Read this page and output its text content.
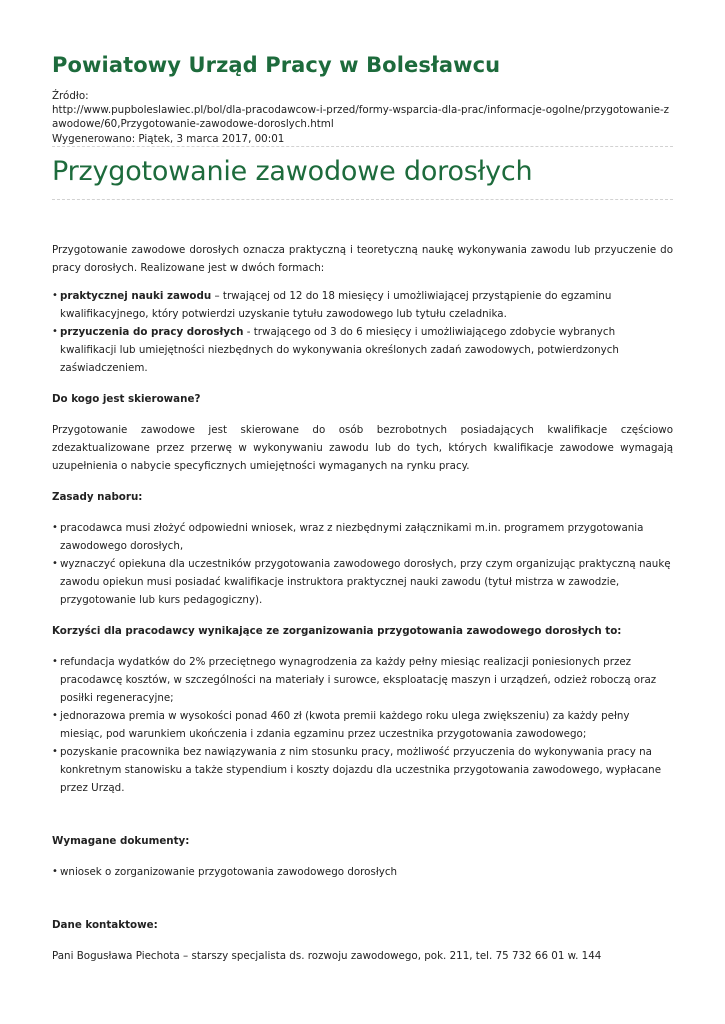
Powiatowy Urząd Pracy w Bolesławcu
Źródło:
http://www.pupboleslawiec.pl/bol/dla-pracodawcow-i-przed/formy-wsparcia-dla-prac/informacje-ogolne/przygotowanie-zawodowe/60,Przygotowanie-zawodowe-doroslych.html
Wygenerowano: Piątek, 3 marca 2017, 00:01
Przygotowanie zawodowe dorosłych

Przygotowanie zawodowe dorosłych oznacza praktyczną i teoretyczną naukę wykonywania zawodu lub przyuczenie do pracy dorosłych. Realizowane jest w dwóch formach:

• praktycznej nauki zawodu – trwającej od 12 do 18 miesięcy i umożliwiającej przystąpienie do egzaminu kwalifikacyjnego, który potwierdzi uzyskanie tytułu zawodowego lub tytułu czeladnika.
• przyuczenia do pracy dorosłych - trwającego od 3 do 6 miesięcy i umożliwiającego zdobycie wybranych kwalifikacji lub umiejętności niezbędnych do wykonywania określonych zadań zawodowych, potwierdzonych zaświadczeniem.

Do kogo jest skierowane?

Przygotowanie zawodowe jest skierowane do osób bezrobotnych posiadających kwalifikacje częściowo zdezaktualizowane przez przerwę w wykonywaniu zawodu lub do tych, których kwalifikacje zawodowe wymagają uzupełnienia o nabycie specyficznych umiejętności wymaganych na rynku pracy.

Zasady naboru:

• pracodawca musi złożyć odpowiedni wniosek, wraz z niezbędnymi załącznikami m.in. programem przygotowania zawodowego dorosłych,
• wyznaczyć opiekuna dla uczestników przygotowania zawodowego dorosłych, przy czym organizując praktyczną naukę zawodu opiekun musi posiadać kwalifikacje instruktora praktycznej nauki zawodu (tytuł mistrza w zawodzie, przygotowanie lub kurs pedagogiczny).

Korzyści dla pracodawcy wynikające ze zorganizowania przygotowania zawodowego dorosłych to:

• refundacja wydatków do 2% przeciętnego wynagrodzenia za każdy pełny miesiąc realizacji poniesionych przez pracodawcę kosztów, w szczególności na materiały i surowce, eksploatację maszyn i urządzeń, odzież roboczą oraz posiłki regeneracyjne;
• jednorazowa premia w wysokości ponad 460 zł (kwota premii każdego roku ulega zwiększeniu) za każdy pełny miesiąc, pod warunkiem ukończenia i zdania egzaminu przez uczestnika przygotowania zawodowego;
• pozyskanie pracownika bez nawiązywania z nim stosunku pracy, możliwość przyuczenia do wykonywania pracy na konkretnym stanowisku a także stypendium i koszty dojazdu dla uczestnika przygotowania zawodowego, wypłacane przez Urząd.

Wymagane dokumenty:

• wniosek o zorganizowanie przygotowania zawodowego dorosłych

Dane kontaktowe:

Pani Bogusława Piechota – starszy specjalista ds. rozwoju zawodowego, pok. 211, tel. 75 732 66 01 w. 144
